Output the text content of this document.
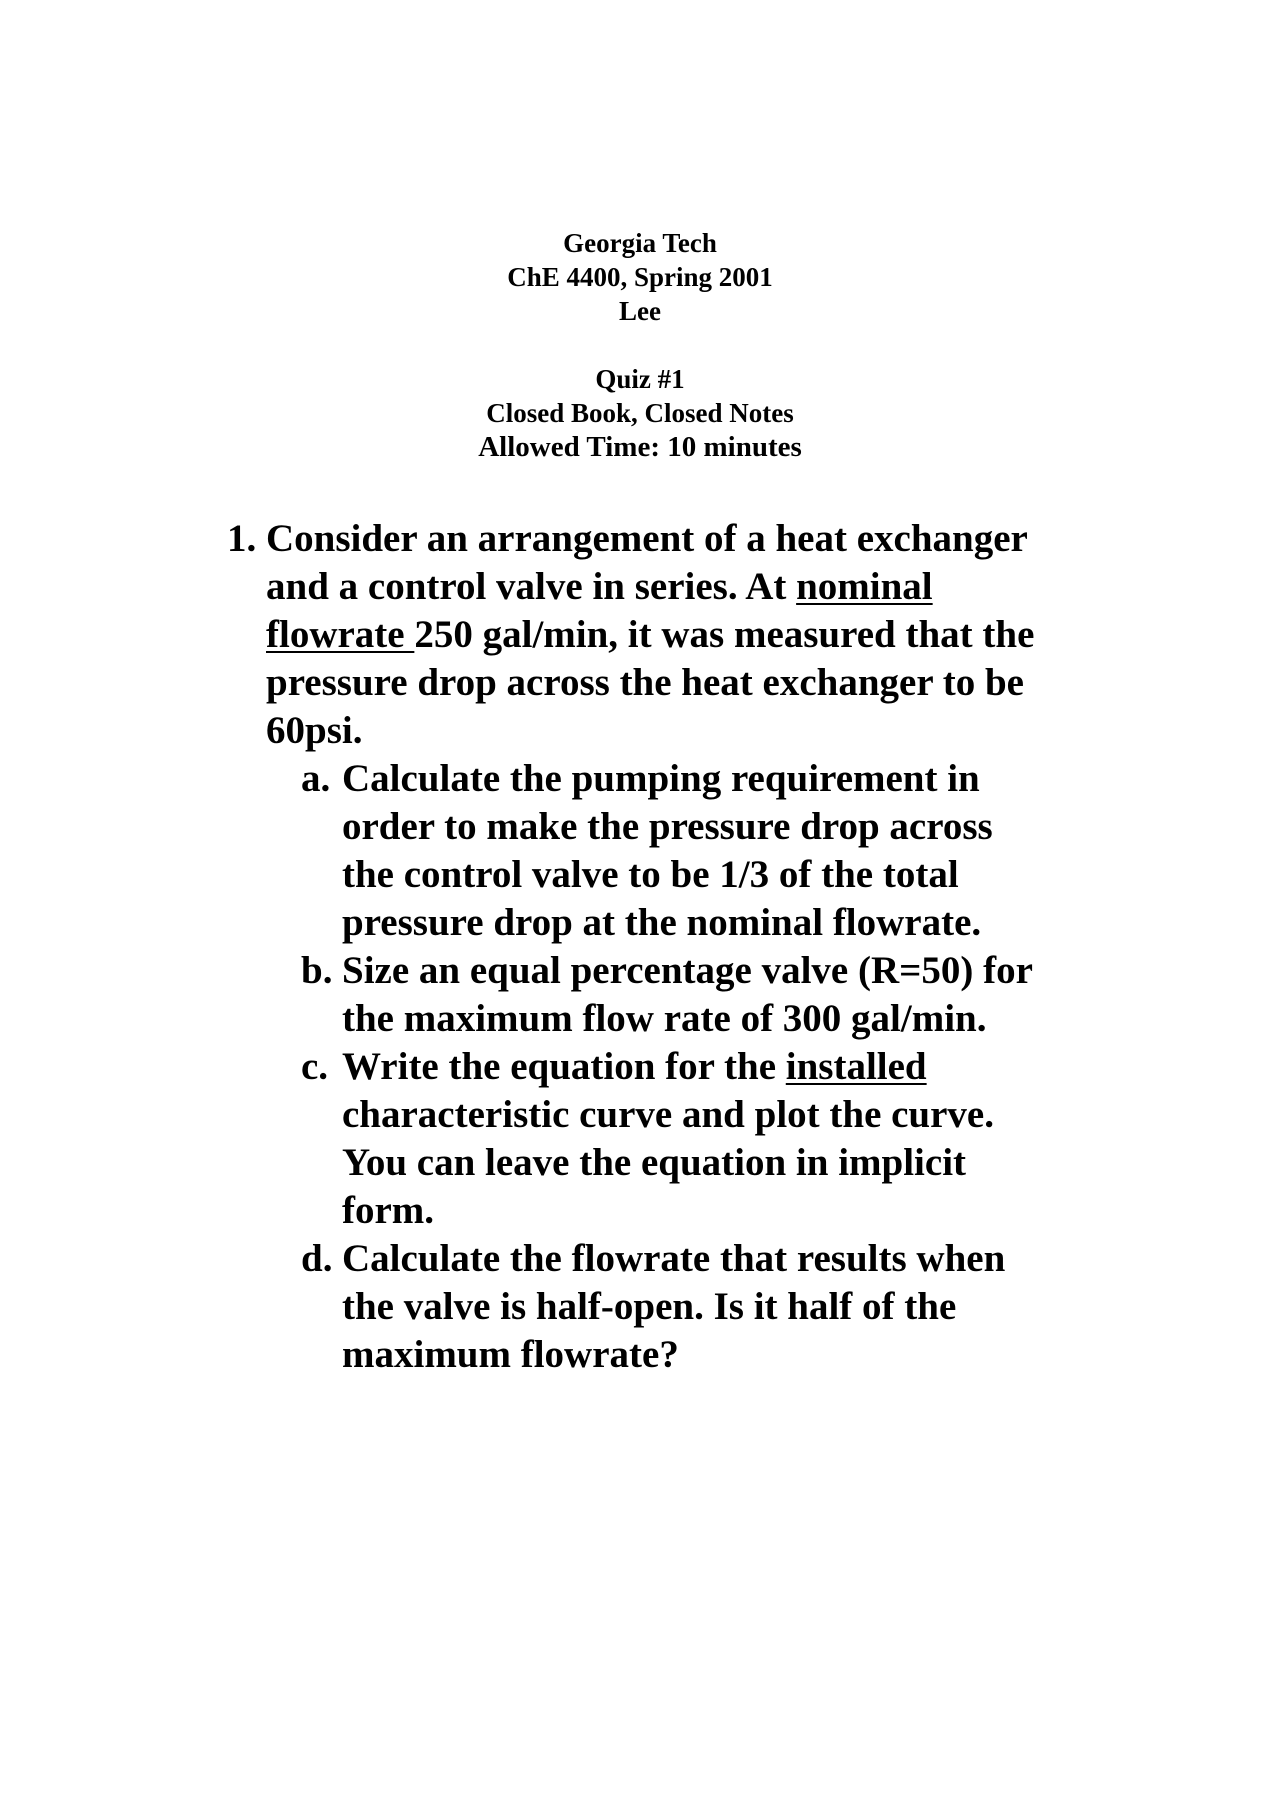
Georgia Tech
ChE 4400, Spring 2001
Lee
Quiz #1
Closed Book, Closed Notes
Allowed Time: 10 minutes
1. Consider an arrangement of a heat exchanger
and a control valve in series. At nominal
flowrate 250 gal/min, it was measured that the
pressure drop across the heat exchanger to be
60psi.
a. Calculate the pumping requirement in
order to make the pressure drop across
the control valve to be 1/3 of the total
pressure drop at the nominal flowrate.
b. Size an equal percentage valve (R=50) for
the maximum flow rate of 300 gal/min.
c. Write the equation for the installed
characteristic curve and plot the curve.
You can leave the equation in implicit
form.
d. Calculate the flowrate that results when
the valve is half-open. Is it half of the
maximum flowrate?
